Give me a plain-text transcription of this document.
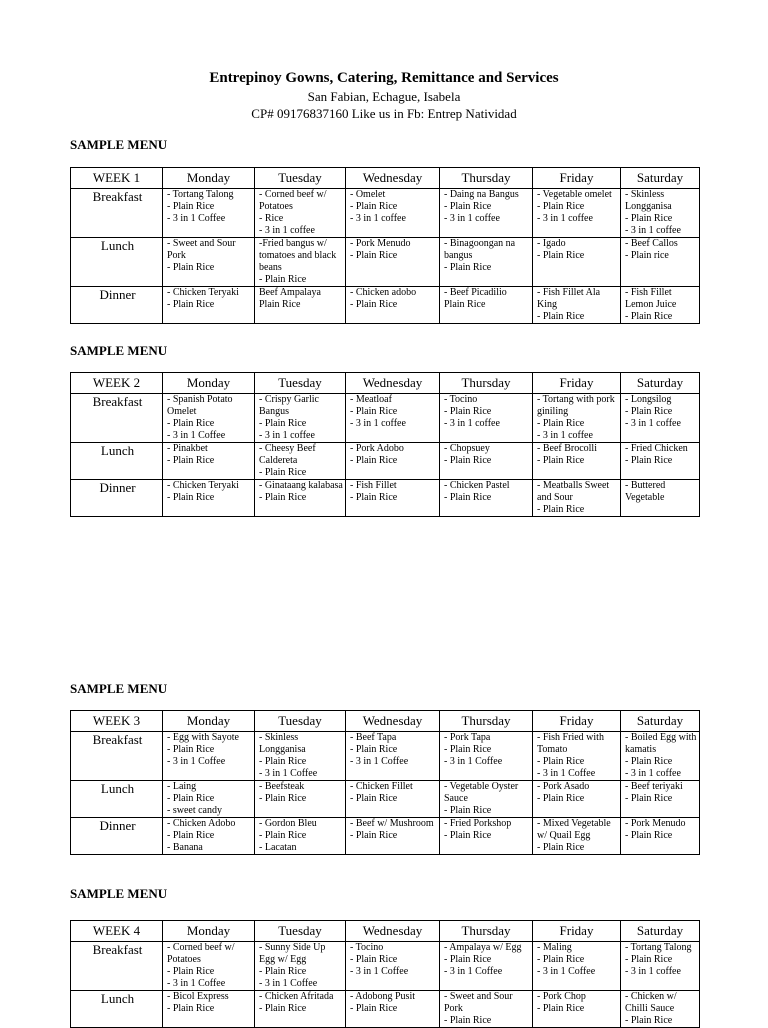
Entrepinoy Gowns, Catering, Remittance and Services
San Fabian, Echague, Isabela
CP# 09176837160 Like us in Fb: Entrep Natividad
SAMPLE MENU
WEEK 1	Monday	Tuesday	Wednesday	Thursday	Friday	Saturday
Breakfast	- Tortang Talong
- Plain Rice
- 3 in 1 Coffee	- Corned beef w/ Potatoes
- Rice
- 3 in 1 coffee	- Omelet
- Plain Rice
- 3 in 1 coffee	- Daing na Bangus
- Plain Rice
- 3 in 1 coffee	- Vegetable omelet
- Plain Rice
- 3 in 1 coffee	- Skinless Longganisa
- Plain Rice
- 3 in 1 coffee

Lunch	- Sweet and Sour Pork
- Plain Rice	-Fried bangus w/ tomatoes and black beans
- Plain Rice	- Pork Menudo
- Plain Rice	- Binagoongan na bangus
- Plain Rice	- Igado
- Plain Rice	- Beef Callos
- Plain rice

Dinner	- Chicken Teryaki
- Plain Rice	Beef Ampalaya
Plain Rice	- Chicken adobo
- Plain Rice	- Beef Picadilio
Plain Rice	- Fish Fillet Ala King
- Plain Rice	- Fish Fillet Lemon Juice
- Plain Rice
SAMPLE MENU
WEEK 2	Monday	Tuesday	Wednesday	Thursday	Friday	Saturday
Breakfast	- Spanish Potato Omelet
- Plain Rice
- 3 in 1 Coffee	- Crispy Garlic Bangus
- Plain Rice
- 3 in 1 coffee	- Meatloaf
- Plain Rice
- 3 in 1 coffee	- Tocino
- Plain Rice
- 3 in 1 coffee	- Tortang with pork giniling
- Plain Rice
- 3 in 1 coffee	- Longsilog
- Plain Rice
- 3 in 1 coffee

Lunch	- Pinakbet
- Plain Rice	- Cheesy Beef Caldereta
- Plain Rice	- Pork Adobo
- Plain Rice	- Chopsuey
- Plain Rice	- Beef Brocolli
- Plain Rice	- Fried Chicken
- Plain Rice

Dinner	- Chicken Teryaki
- Plain Rice	- Ginataang kalabasa
- Plain Rice	- Fish Fillet
- Plain Rice	- Chicken Pastel
- Plain Rice	- Meatballs Sweet and Sour
- Plain Rice	- Buttered Vegetable
SAMPLE MENU
WEEK 3	Monday	Tuesday	Wednesday	Thursday	Friday	Saturday
Breakfast	- Egg with Sayote
- Plain Rice
- 3 in 1 Coffee	- Skinless Longganisa
- Plain Rice
- 3 in 1 Coffee	- Beef Tapa
- Plain Rice
- 3 in 1 Coffee	- Pork Tapa
- Plain Rice
- 3 in 1 Coffee	- Fish Fried with Tomato
- Plain Rice
- 3 in 1 Coffee	- Boiled Egg with kamatis
- Plain Rice
- 3 in 1 coffee

Lunch	- Laing
- Plain Rice
- sweet candy	- Beefsteak
- Plain Rice	- Chicken Fillet
- Plain Rice	- Vegetable Oyster Sauce
- Plain Rice	- Pork Asado
- Plain Rice	- Beef teriyaki
- Plain Rice

Dinner	- Chicken Adobo
- Plain Rice
- Banana	- Gordon Bleu
- Plain Rice
- Lacatan	- Beef w/ Mushroom
- Plain Rice	- Fried Porkshop
- Plain Rice	- Mixed Vegetable w/ Quail Egg
- Plain Rice	- Pork Menudo
- Plain Rice
SAMPLE MENU
WEEK 4	Monday	Tuesday	Wednesday	Thursday	Friday	Saturday
Breakfast	- Corned beef w/ Potatoes
- Plain Rice
- 3 in 1 Coffee	- Sunny Side Up Egg w/ Egg
- Plain Rice
- 3 in 1 Coffee	- Tocino
- Plain Rice
- 3 in 1 Coffee	- Ampalaya w/ Egg
- Plain Rice
- 3 in 1 Coffee	- Maling
- Plain Rice
- 3 in 1 Coffee	- Tortang Talong
- Plain Rice
- 3 in 1 coffee

Lunch	- Bicol Express
- Plain Rice	- Chicken Afritada
- Plain Rice	- Adobong Pusit
- Plain Rice	- Sweet and Sour Pork
- Plain Rice	- Pork Chop
- Plain Rice	- Chicken w/ Chilli Sauce
- Plain Rice
